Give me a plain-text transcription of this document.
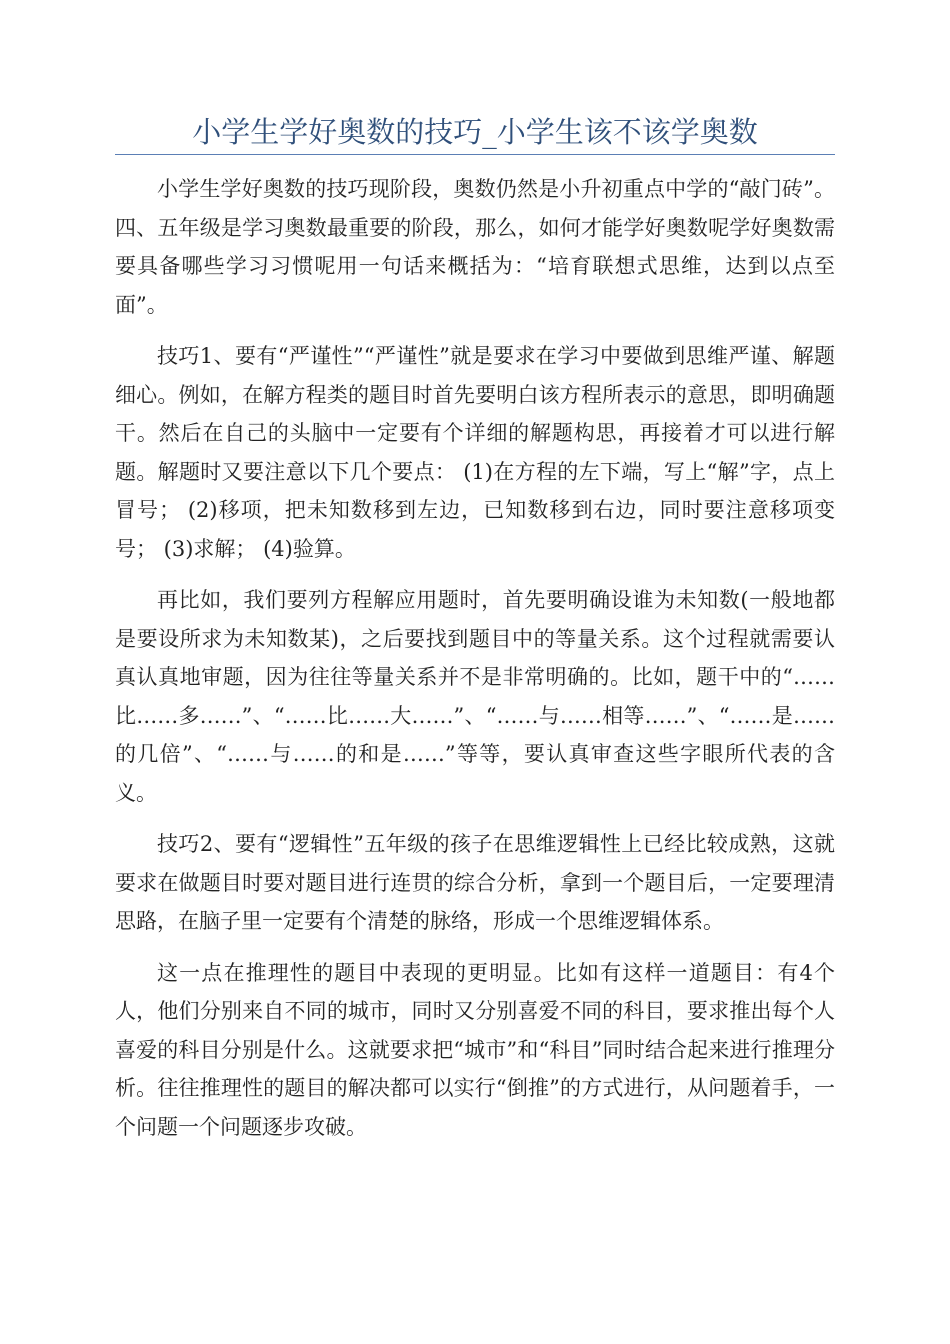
小学生学好奥数的技巧_小学生该不该学奥数

小学生学好奥数的技巧现阶段，奥数仍然是小升初重点中学的“敲门砖”。四、五年级是学习奥数最重要的阶段，那么，如何才能学好奥数呢学好奥数需要具备哪些学习习惯呢用一句话来概括为：“培育联想式思维，达到以点至面”。

技巧1、要有“严谨性”“严谨性”就是要求在学习中要做到思维严谨、解题细心。例如，在解方程类的题目时首先要明白该方程所表示的意思，即明确题干。然后在自己的头脑中一定要有个详细的解题构思，再接着才可以进行解题。解题时又要注意以下几个要点： (1)在方程的左下端，写上“解”字，点上冒号； (2)移项，把未知数移到左边，已知数移到右边，同时要注意移项变号； (3)求解； (4)验算。

再比如，我们要列方程解应用题时，首先要明确设谁为未知数(一般地都是要设所求为未知数某)，之后要找到题目中的等量关系。这个过程就需要认真认真地审题，因为往往等量关系并不是非常明确的。比如，题干中的“……比……多……”、“……比……大……”、“……与……相等……”、“……是……的几倍”、“……与……的和是……”等等，要认真审查这些字眼所代表的含义。

技巧2、要有“逻辑性”五年级的孩子在思维逻辑性上已经比较成熟，这就要求在做题目时要对题目进行连贯的综合分析，拿到一个题目后，一定要理清思路，在脑子里一定要有个清楚的脉络，形成一个思维逻辑体系。

这一点在推理性的题目中表现的更明显。比如有这样一道题目：有4个人，他们分别来自不同的城市，同时又分别喜爱不同的科目，要求推出每个人喜爱的科目分别是什么。这就要求把“城市”和“科目”同时结合起来进行推理分析。往往推理性的题目的解决都可以实行“倒推”的方式进行，从问题着手，一个问题一个问题逐步攻破。
